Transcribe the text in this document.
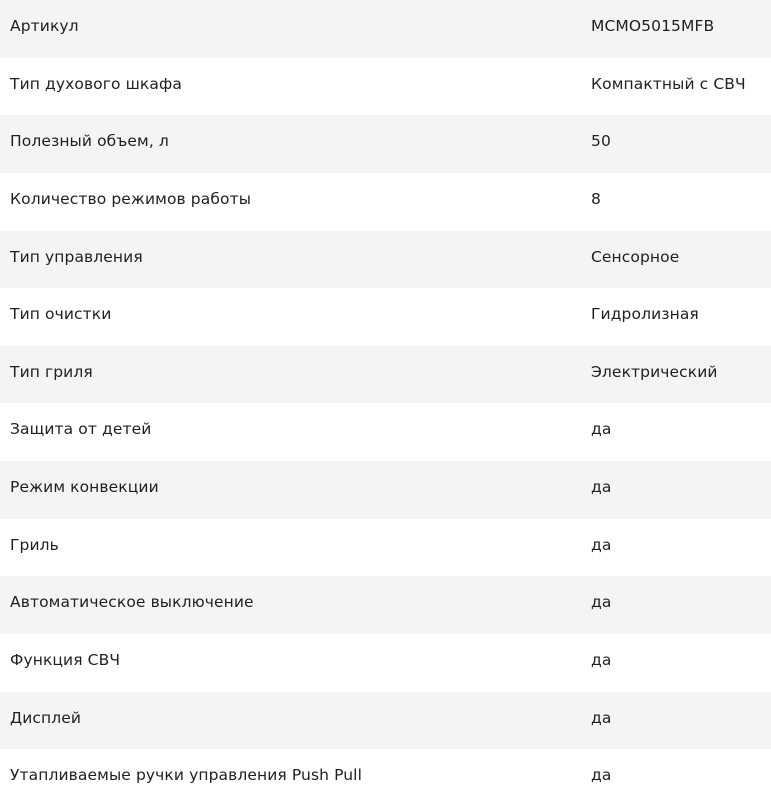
Артикул	MCMO5015MFB
Тип духового шкафа	Компактный с СВЧ
Полезный объем, л	50
Количество режимов работы	8
Тип управления	Сенсорное
Тип очистки	Гидролизная
Тип гриля	Электрический
Защита от детей	да
Режим конвекции	да
Гриль	да
Автоматическое выключение	да
Функция СВЧ	да
Дисплей	да
Утапливаемые ручки управления Push Pull	да
